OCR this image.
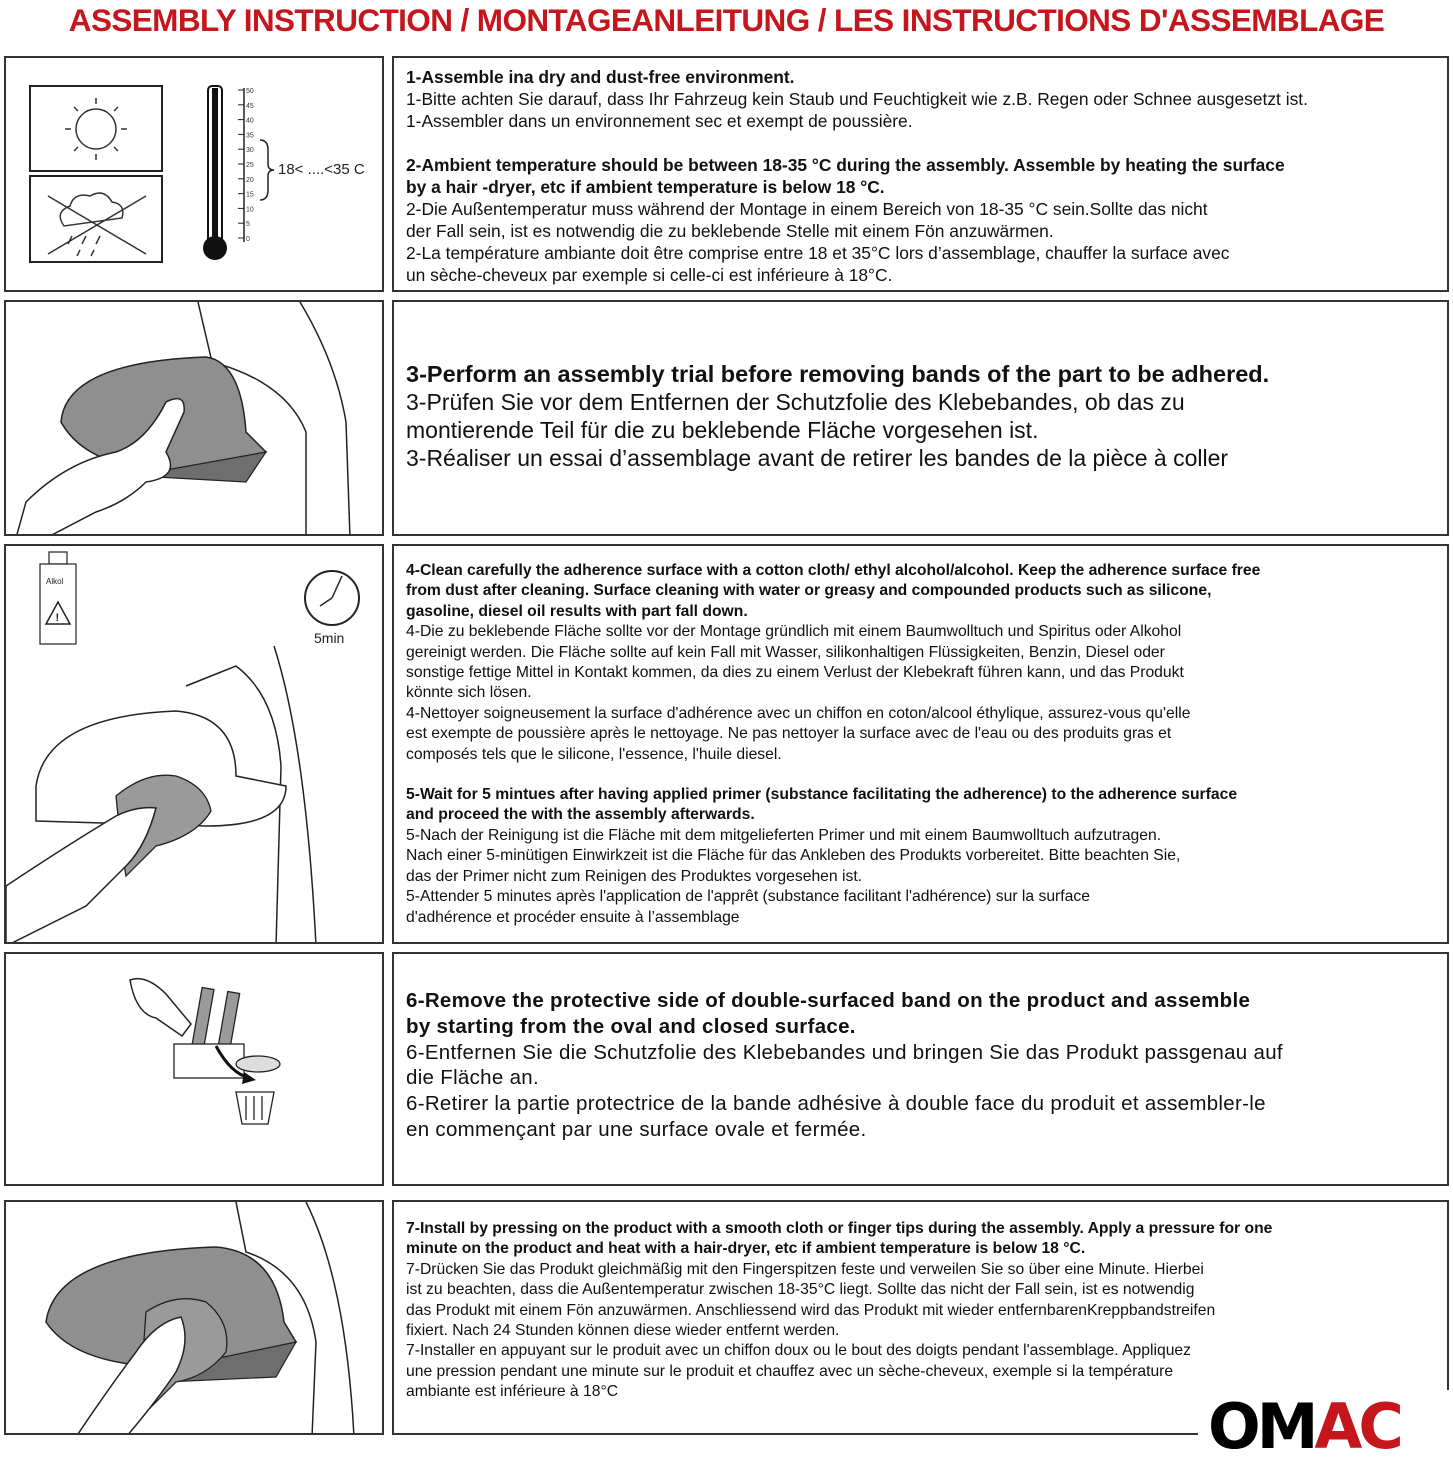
ASSEMBLY INSTRUCTION / MONTAGEANLEITUNG / LES INSTRUCTIONS D'ASSEMBLAGE
18< ....<35 C
50
45
40
35
30
25
20
15
10
5
0

1-Assemble ina dry and dust-free environment.

1-Bitte achten Sie darauf, dass Ihr Fahrzeug kein Staub und Feuchtigkeit wie z.B. Regen oder Schnee ausgesetzt ist.

1-Assembler dans un environnement sec et exempt de poussière.

2-Ambient temperature should be between 18-35 °C during the assembly. Assemble by heating the surface

by a hair -dryer, etc if ambient temperature is below 18 °C.

2-Die Außentemperatur muss während der Montage in einem Bereich von 18-35 °C sein.Sollte das nicht

der Fall sein, ist es notwendig die zu beklebende Stelle mit einem Fön anzuwärmen.

2-La température ambiante doit être comprise entre 18 et 35°C lors d’assemblage, chauffer la surface avec

un sèche-cheveux par exemple si celle-ci est inférieure à 18°C.

3-Perform an assembly trial before removing bands of the part to be adhered.

3-Prüfen Sie vor dem Entfernen der Schutzfolie des Klebebandes, ob das zu

montierende Teil für die zu beklebende Fläche vorgesehen ist.

3-Réaliser un essai d’assemblage avant de retirer les bandes de la pièce à coller

Alkol
!
5min

4-Clean carefully the adherence surface with a cotton cloth/ ethyl alcohol/alcohol. Keep the adherence surface free

from dust after cleaning. Surface cleaning with water or greasy and compounded products such as silicone,

gasoline, diesel oil results with part fall down.

4-Die zu beklebende Fläche sollte vor der Montage gründlich mit einem Baumwolltuch und Spiritus oder Alkohol

gereinigt werden. Die Fläche sollte auf kein Fall mit Wasser, silikonhaltigen Flüssigkeiten, Benzin, Diesel oder

sonstige fettige Mittel in Kontakt kommen, da dies zu einem Verlust der Klebekraft führen kann, und das Produkt

könnte sich lösen.

4-Nettoyer soigneusement la surface d'adhérence avec un chiffon en coton/alcool éthylique, assurez-vous qu'elle

est exempte de poussière après le nettoyage. Ne pas nettoyer la surface avec de l'eau ou des produits gras et

composés tels que le silicone, l'essence, l'huile diesel.

5-Wait for 5 mintues after having applied primer (substance facilitating the adherence) to the adherence surface

and proceed the with the assembly afterwards.

5-Nach der Reinigung ist die Fläche mit dem mitgelieferten Primer und mit einem Baumwolltuch aufzutragen.

Nach einer 5-minütigen Einwirkzeit ist die Fläche für das Ankleben des Produkts vorbereitet. Bitte beachten Sie,

das der Primer nicht zum Reinigen des Produktes vorgesehen ist.

5-Attender 5 minutes après l'application de l'apprêt (substance facilitant l'adhérence) sur la surface

d'adhérence et procéder ensuite à l’assemblage

6-Remove the protective side of double-surfaced band on the product and assemble

by starting from the oval and closed surface.

6-Entfernen Sie die Schutzfolie des Klebebandes und bringen Sie das Produkt passgenau auf

die Fläche an.

6-Retirer la partie protectrice de la bande adhésive à double face du produit et assembler-le

en commençant par une surface ovale et fermée.

7-Install by pressing on the product with a smooth cloth or finger tips during the assembly. Apply a pressure for one

minute on the product and heat with a hair-dryer, etc if ambient temperature is below 18 °C.

7-Drücken Sie das Produkt gleichmäßig mit den Fingerspitzen feste und verweilen Sie so über eine Minute. Hierbei

ist zu beachten, dass die Außentemperatur zwischen 18-35°C liegt. Sollte das nicht der Fall sein, ist es notwendig

das Produkt mit einem Fön anzuwärmen. Anschliessend wird das Produkt mit wieder entfernbarenKreppbandstreifen

fixiert. Nach 24 Stunden können diese wieder entfernt werden.

7-Installer en appuyant sur le produit avec un chiffon doux ou le bout des doigts pendant l'assemblage. Appliquez

une pression pendant une minute sur le produit et chauffez avec un sèche-cheveux, exemple si la température

ambiante est inférieure à 18°C	OMAC
